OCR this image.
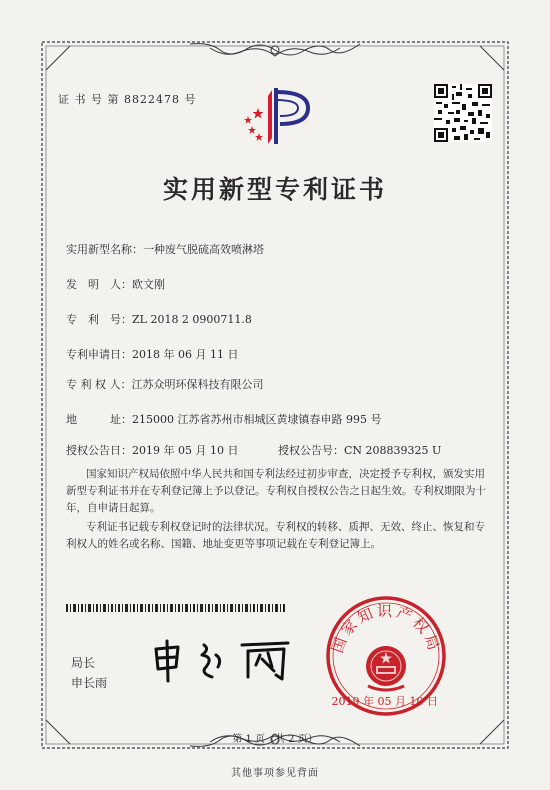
证 书 号 第 8822478 号
实用新型专利证书
实用新型名称：一种废气脱硫高效喷淋塔
发　明　人：欧文刚
专　利　号：ZL 2018 2 0900711.8
专利申请日：2018 年 06 月 11 日
专 利 权 人：江苏众明环保科技有限公司
地　　　址：215000 江苏省苏州市相城区黄埭镇春申路 995 号
授权公告日：2019 年 05 月 10 日	授权公告号：CN 208839325 U
国家知识产权局依照中华人民共和国专利法经过初步审查，决定授予专利权，颁发实用新型专利证书并在专利登记簿上予以登记。专利权自授权公告之日起生效。专利权期限为十年，自申请日起算。
专利证书记载专利权登记时的法律状况。专利权的转移、质押、无效、终止、恢复和专利权人的姓名或名称、国籍、地址变更等事项记载在专利登记簿上。
局长
申长雨
国家知识产权局
2019 年 05 月 10 日
第 1 页（共 2 页）
其他事项参见背面
